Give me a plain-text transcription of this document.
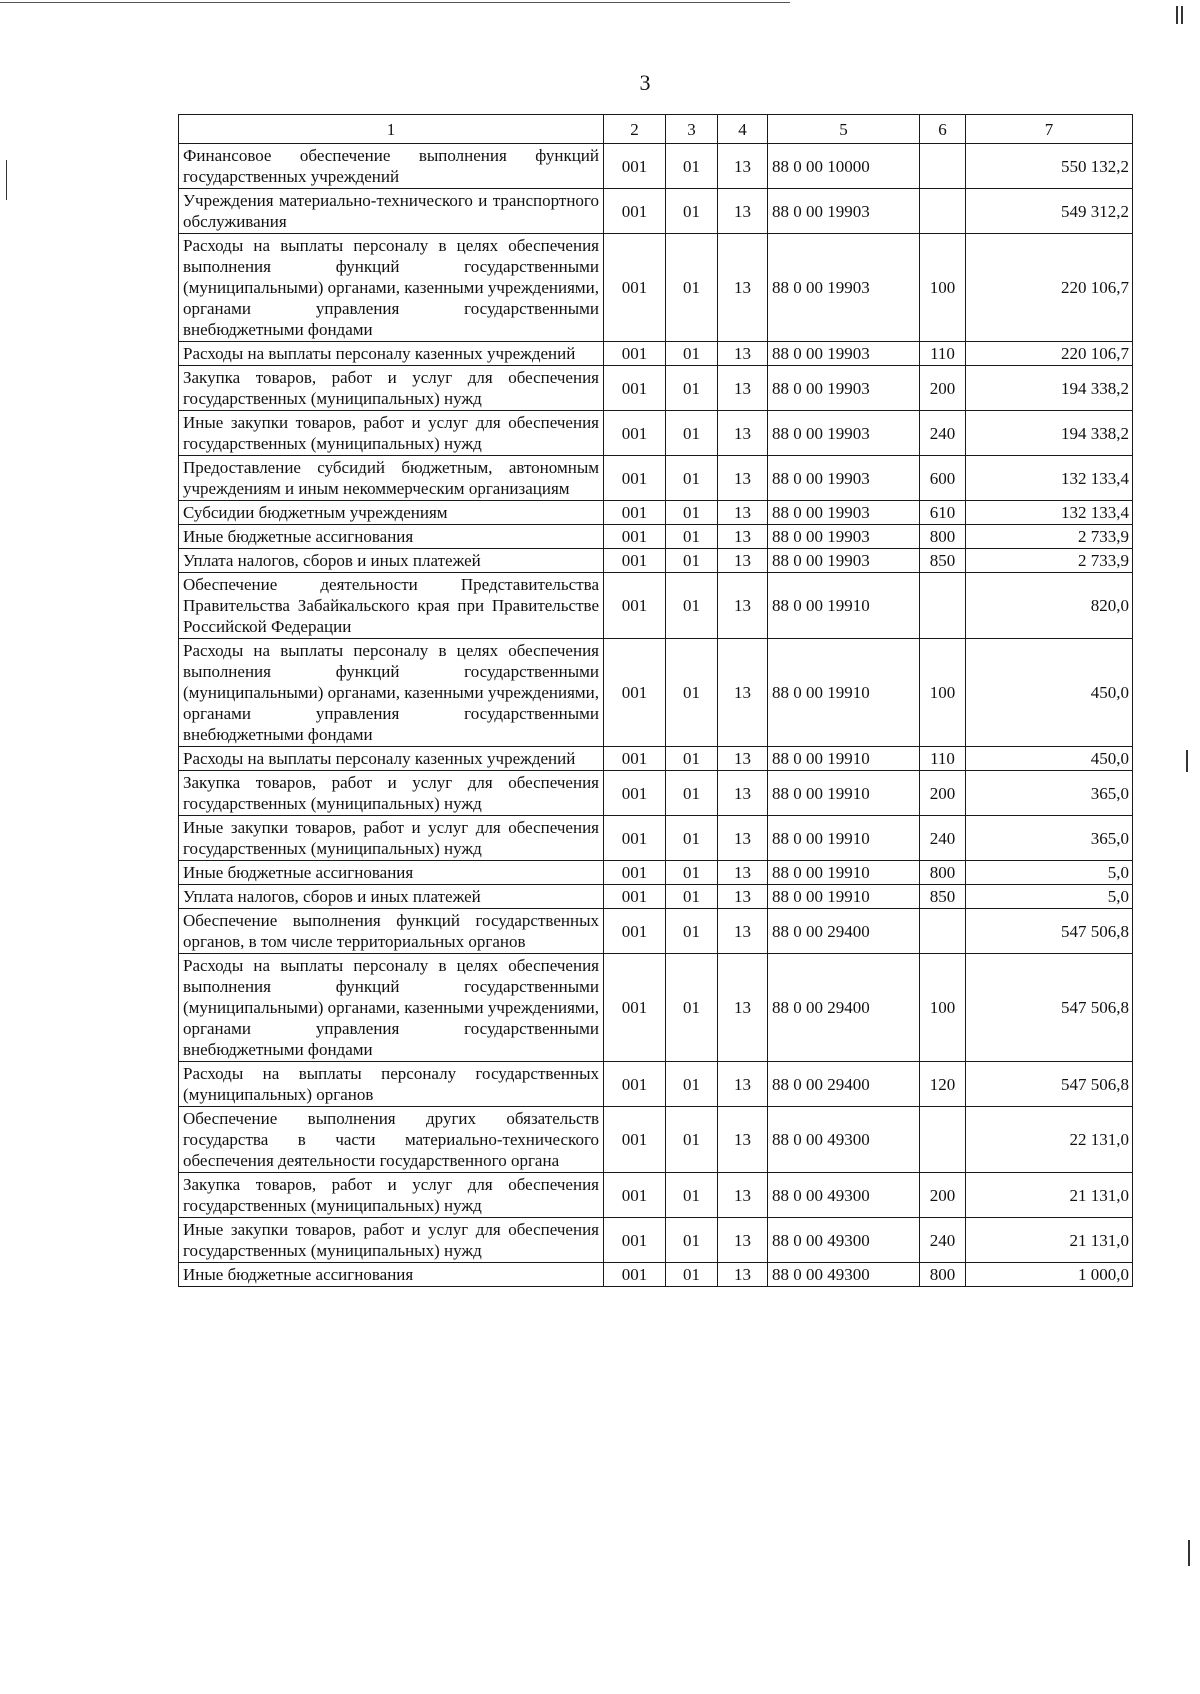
3
1	2	3	4	5	6	7
Финансовое обеспечение выполнения функций государственных учреждений	001	01	13	88 0 00 10000		550 132,2
Учреждения материально-технического и транспортного обслуживания	001	01	13	88 0 00 19903		549 312,2
Расходы на выплаты персоналу в целях обеспечения выполнения функций государственными (муниципальными) органами, казенными учреждениями, органами управления государственными внебюджетными фондами	001	01	13	88 0 00 19903	100	220 106,7
Расходы на выплаты персоналу казенных учреждений	001	01	13	88 0 00 19903	110	220 106,7
Закупка товаров, работ и услуг для обеспечения государственных (муниципальных) нужд	001	01	13	88 0 00 19903	200	194 338,2
Иные закупки товаров, работ и услуг для обеспечения государственных (муниципальных) нужд	001	01	13	88 0 00 19903	240	194 338,2
Предоставление субсидий бюджетным, автономным учреждениям и иным некоммерческим организациям	001	01	13	88 0 00 19903	600	132 133,4
Субсидии бюджетным учреждениям	001	01	13	88 0 00 19903	610	132 133,4
Иные бюджетные ассигнования	001	01	13	88 0 00 19903	800	2 733,9
Уплата налогов, сборов и иных платежей	001	01	13	88 0 00 19903	850	2 733,9
Обеспечение деятельности Представительства Правительства Забайкальского края при Правительстве Российской Федерации	001	01	13	88 0 00 19910		820,0
Расходы на выплаты персоналу в целях обеспечения выполнения функций государственными (муниципальными) органами, казенными учреждениями, органами управления государственными внебюджетными фондами	001	01	13	88 0 00 19910	100	450,0
Расходы на выплаты персоналу казенных учреждений	001	01	13	88 0 00 19910	110	450,0
Закупка товаров, работ и услуг для обеспечения государственных (муниципальных) нужд	001	01	13	88 0 00 19910	200	365,0
Иные закупки товаров, работ и услуг для обеспечения государственных (муниципальных) нужд	001	01	13	88 0 00 19910	240	365,0
Иные бюджетные ассигнования	001	01	13	88 0 00 19910	800	5,0
Уплата налогов, сборов и иных платежей	001	01	13	88 0 00 19910	850	5,0
Обеспечение выполнения функций государственных органов, в том числе территориальных органов	001	01	13	88 0 00 29400		547 506,8
Расходы на выплаты персоналу в целях обеспечения выполнения функций государственными (муниципальными) органами, казенными учреждениями, органами управления государственными внебюджетными фондами	001	01	13	88 0 00 29400	100	547 506,8
Расходы на выплаты персоналу государственных (муниципальных) органов	001	01	13	88 0 00 29400	120	547 506,8
Обеспечение выполнения других обязательств государства в части материально-технического обеспечения деятельности государственного органа	001	01	13	88 0 00 49300		22 131,0
Закупка товаров, работ и услуг для обеспечения государственных (муниципальных) нужд	001	01	13	88 0 00 49300	200	21 131,0
Иные закупки товаров, работ и услуг для обеспечения государственных (муниципальных) нужд	001	01	13	88 0 00 49300	240	21 131,0
Иные бюджетные ассигнования	001	01	13	88 0 00 49300	800	1 000,0
